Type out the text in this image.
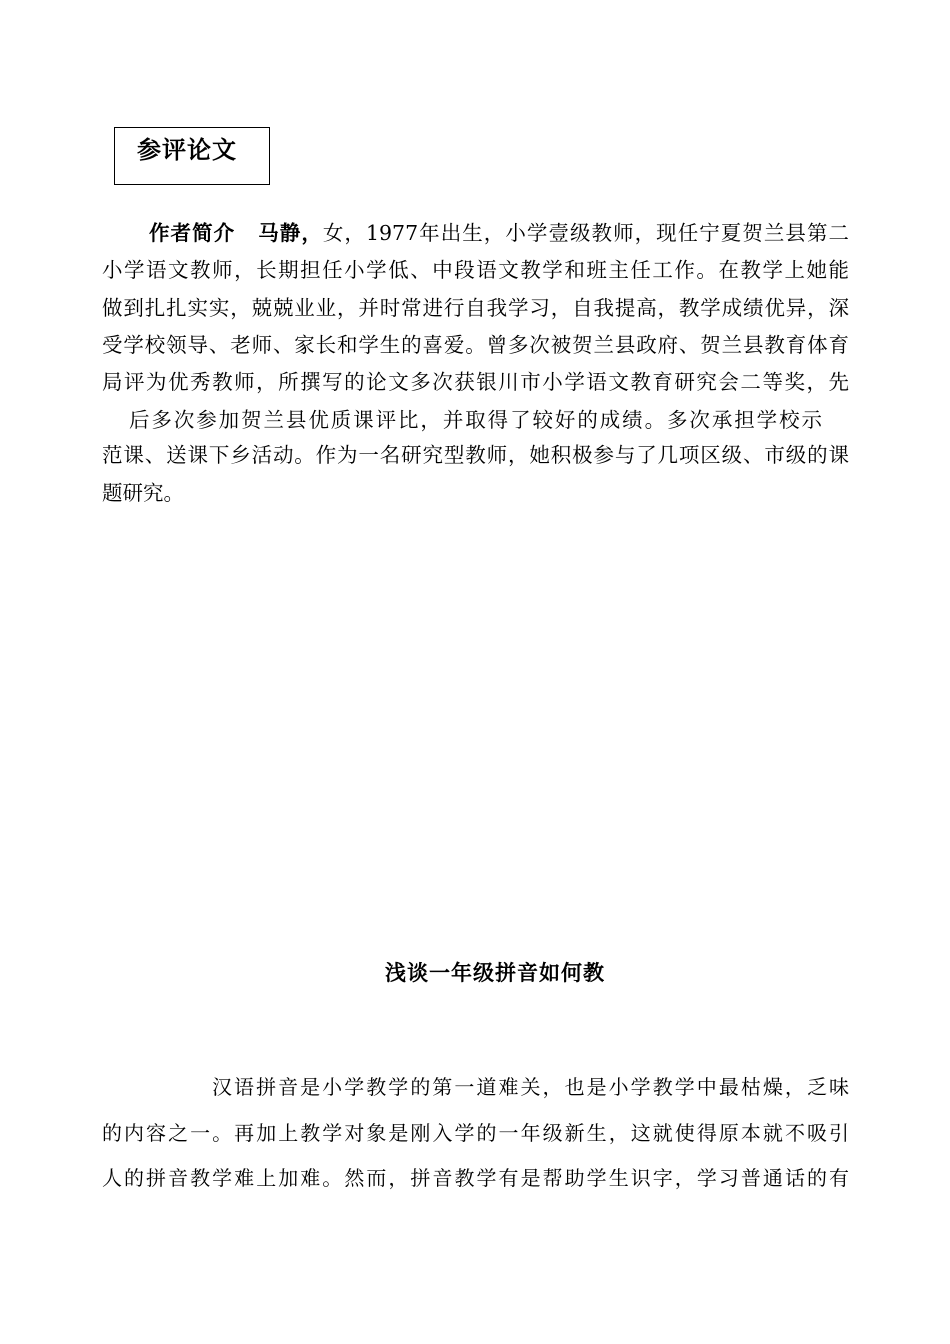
参评论文
作者简介 马静，女，1977年出生，小学壹级教师，现任宁夏贺兰县第二
小学语文教师，长期担任小学低、中段语文教学和班主任工作。在教学上她能
做到扎扎实实，兢兢业业，并时常进行自我学习，自我提高，教学成绩优异，深
受学校领导、老师、家长和学生的喜爱。曾多次被贺兰县政府、贺兰县教育体育
局评为优秀教师，所撰写的论文多次获银川市小学语文教育研究会二等奖，先
后多次参加贺兰县优质课评比，并取得了较好的成绩。多次承担学校示
范课、送课下乡活动。作为一名研究型教师，她积极参与了几项区级、市级的课
题研究。
浅谈一年级拼音如何教
汉语拼音是小学教学的第一道难关，也是小学教学中最枯燥，乏味
的内容之一。再加上教学对象是刚入学的一年级新生，这就使得原本就不吸引
人的拼音教学难上加难。然而，拼音教学有是帮助学生识字，学习普通话的有
